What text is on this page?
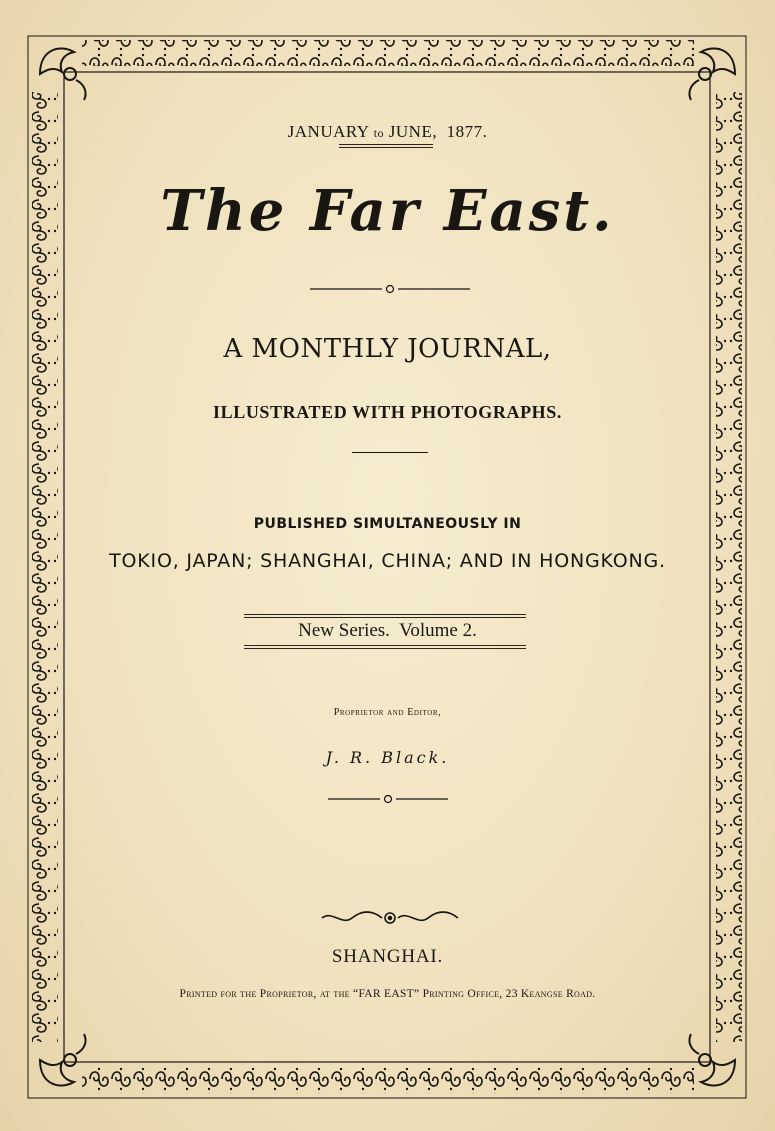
JANUARY to JUNE, 1877.
The Far East.
A MONTHLY JOURNAL,
ILLUSTRATED WITH PHOTOGRAPHS.
PUBLISHED SIMULTANEOUSLY IN
TOKIO, JAPAN; SHANGHAI, CHINA; AND IN HONGKONG.
New Series.  Volume 2.
Proprietor and Editor,
J. R. Black.
SHANGHAI.
Printed for the Proprietor, at the “FAR EAST” Printing Office, 23 Keangse Road.
